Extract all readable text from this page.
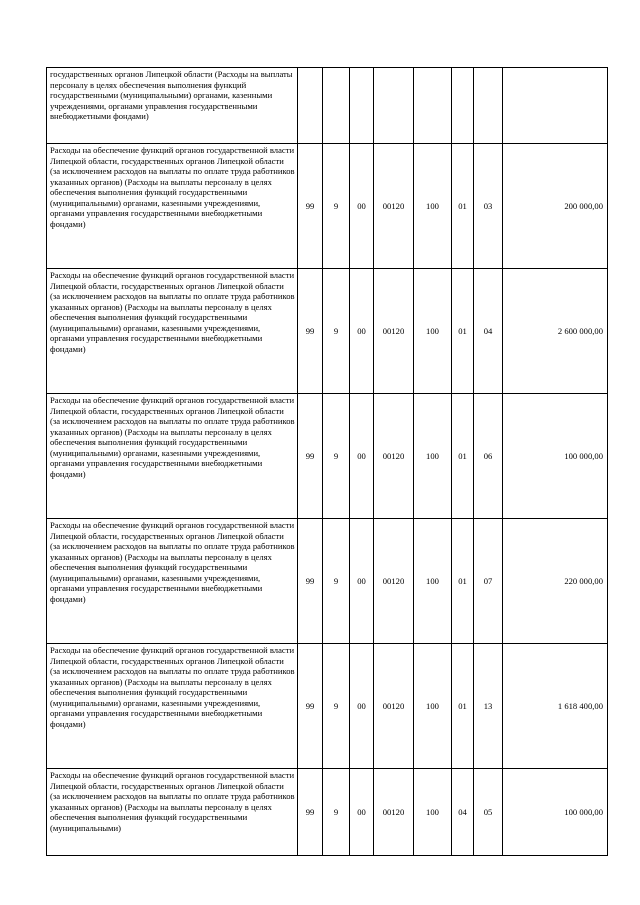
государственных органов Липецкой области (Расходы на выплаты персоналу в целях обеспечения выполнения функций государственными (муниципальными) органами, казенными учреждениями, органами управления государственными внебюджетными фондами)								
Расходы на обеспечение функций органов государственной власти Липецкой области, государственных органов Липецкой области (за исключением расходов на выплаты по оплате труда работников указанных органов) (Расходы на выплаты персоналу в целях обеспечения выполнения функций государственными (муниципальными) органами, казенными учреждениями, органами управления государственными внебюджетными фондами)	99	9	00	00120	100	01	03	200 000,00
Расходы на обеспечение функций органов государственной власти Липецкой области, государственных органов Липецкой области (за исключением расходов на выплаты по оплате труда работников указанных органов) (Расходы на выплаты персоналу в целях обеспечения выполнения функций государственными (муниципальными) органами, казенными учреждениями, органами управления государственными внебюджетными фондами)	99	9	00	00120	100	01	04	2 600 000,00
Расходы на обеспечение функций органов государственной власти Липецкой области, государственных органов Липецкой области (за исключением расходов на выплаты по оплате труда работников указанных органов) (Расходы на выплаты персоналу в целях обеспечения выполнения функций государственными (муниципальными) органами, казенными учреждениями, органами управления государственными внебюджетными фондами)	99	9	00	00120	100	01	06	100 000,00
Расходы на обеспечение функций органов государственной власти Липецкой области, государственных органов Липецкой области (за исключением расходов на выплаты по оплате труда работников указанных органов) (Расходы на выплаты персоналу в целях обеспечения выполнения функций государственными (муниципальными) органами, казенными учреждениями, органами управления государственными внебюджетными фондами)	99	9	00	00120	100	01	07	220 000,00
Расходы на обеспечение функций органов государственной власти Липецкой области, государственных органов Липецкой области (за исключением расходов на выплаты по оплате труда работников указанных органов) (Расходы на выплаты персоналу в целях обеспечения выполнения функций государственными (муниципальными) органами, казенными учреждениями, органами управления государственными внебюджетными фондами)	99	9	00	00120	100	01	13	1 618 400,00
Расходы на обеспечение функций органов государственной власти Липецкой области, государственных органов Липецкой области (за исключением расходов на выплаты по оплате труда работников указанных органов) (Расходы на выплаты персоналу в целях обеспечения выполнения функций государственными (муниципальными)	99	9	00	00120	100	04	05	100 000,00
